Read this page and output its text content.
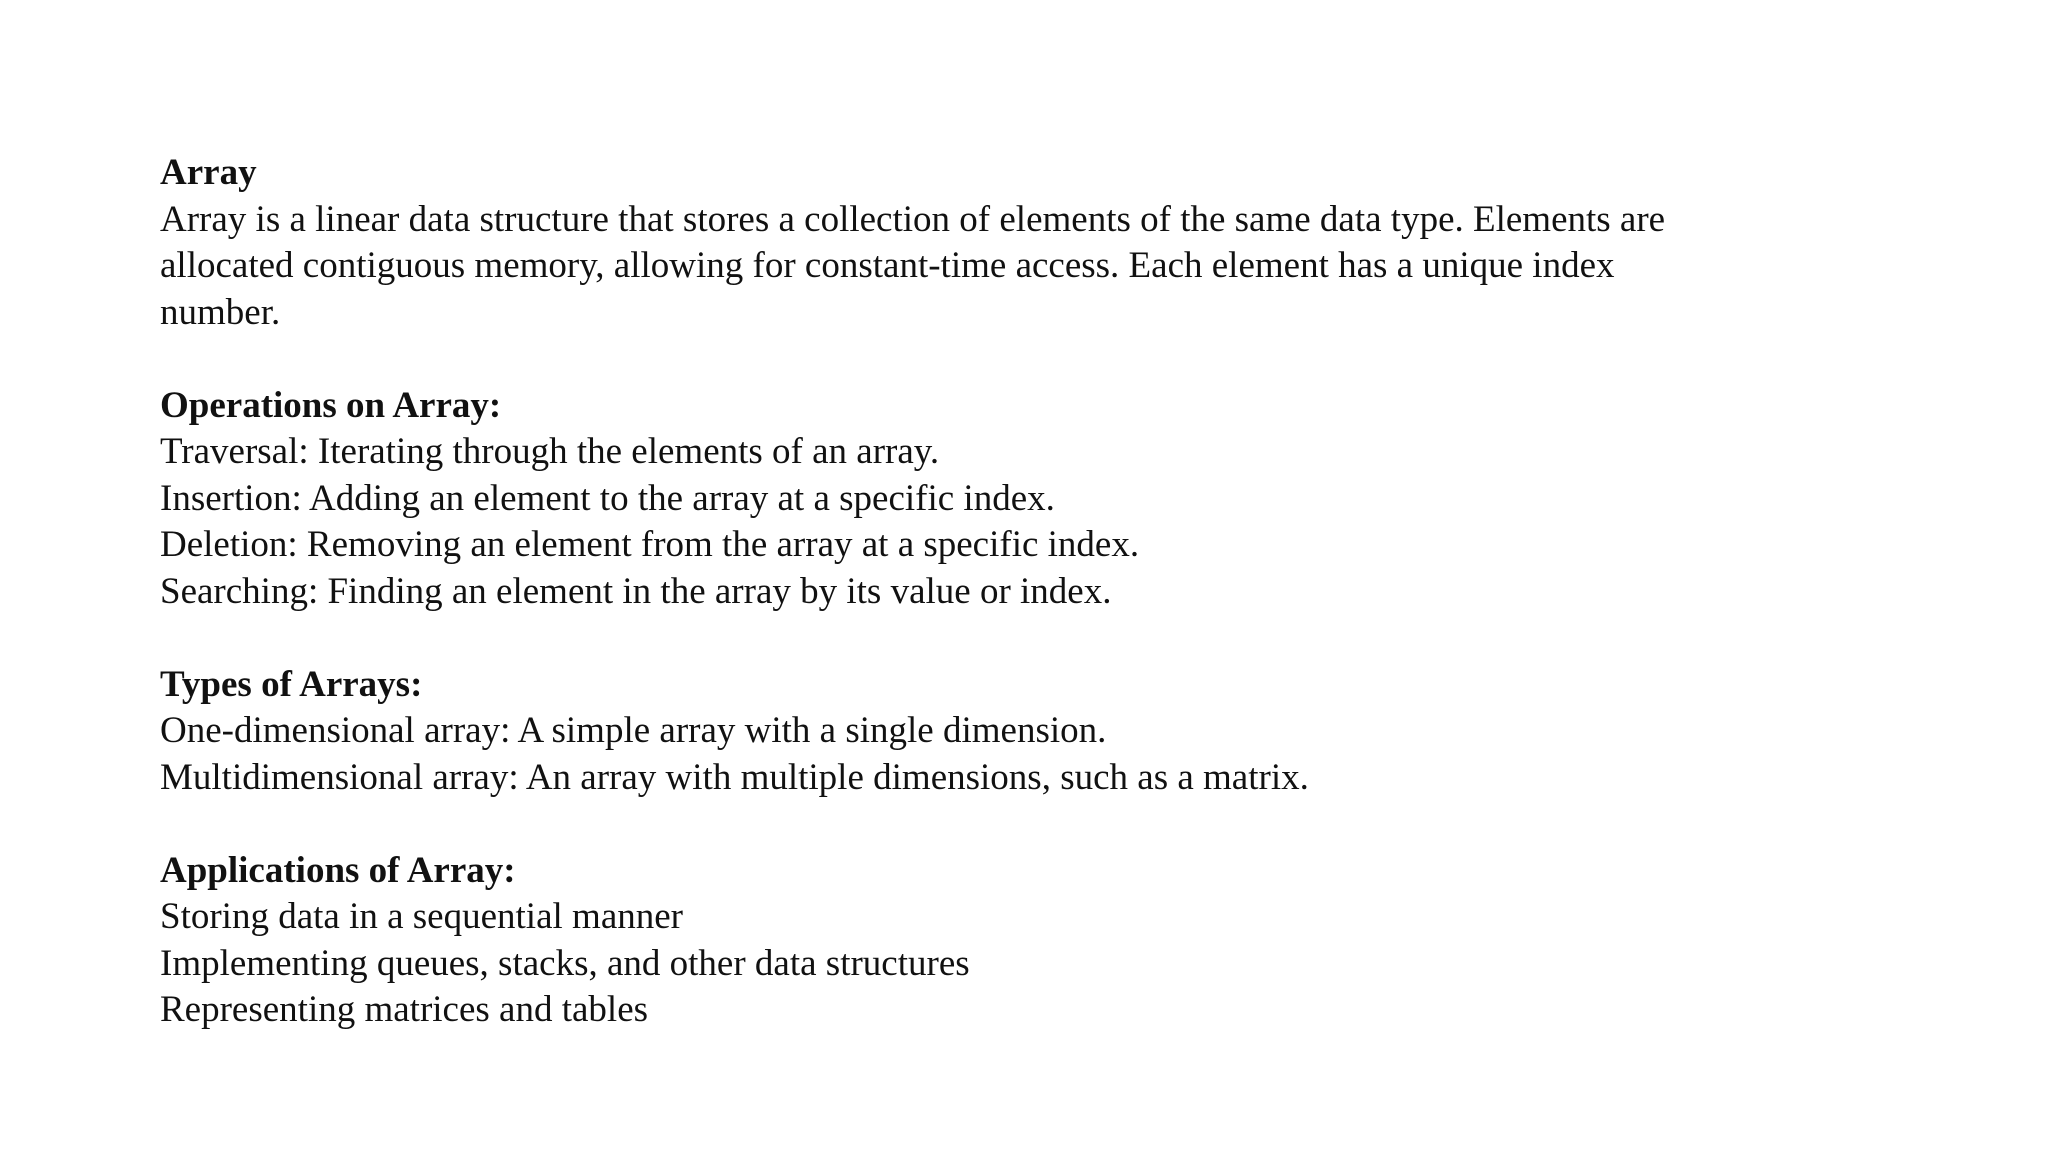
Array

Array is a linear data structure that stores a collection of elements of the same data type. Elements are

allocated contiguous memory, allowing for constant-time access. Each element has a unique index

number.

Operations on Array:

Traversal: Iterating through the elements of an array.

Insertion: Adding an element to the array at a specific index.

Deletion: Removing an element from the array at a specific index.

Searching: Finding an element in the array by its value or index.

Types of Arrays:

One-dimensional array: A simple array with a single dimension.

Multidimensional array: An array with multiple dimensions, such as a matrix.

Applications of Array:

Storing data in a sequential manner

Implementing queues, stacks, and other data structures

Representing matrices and tables
